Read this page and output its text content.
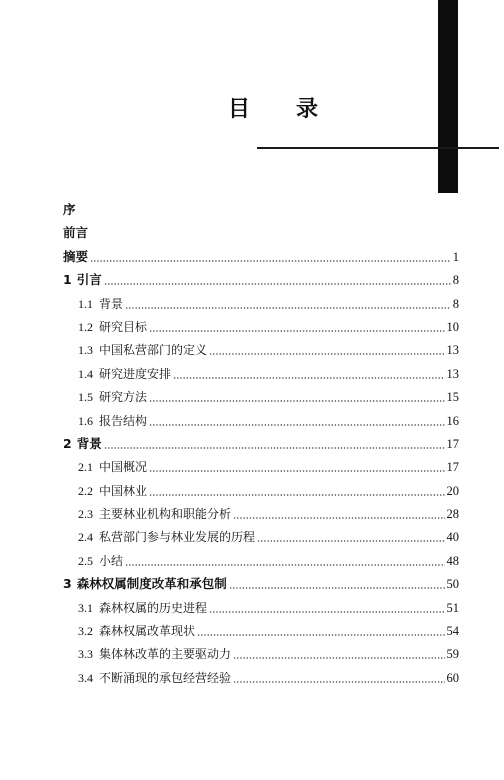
目　录
序
前言
摘要	1
1 引言	8
1.1 背景	8
1.2 研究目标	10
1.3 中国私营部门的定义	13
1.4 研究进度安排	13
1.5 研究方法	15
1.6 报告结构	16
2 背景	17
2.1 中国概况	17
2.2 中国林业	20
2.3 主要林业机构和职能分析	28
2.4 私营部门参与林业发展的历程	40
2.5 小结	48
3 森林权属制度改革和承包制	50
3.1 森林权属的历史进程	51
3.2 森林权属改革现状	54
3.3 集体林改革的主要驱动力	59
3.4 不断涌现的承包经营经验	60
